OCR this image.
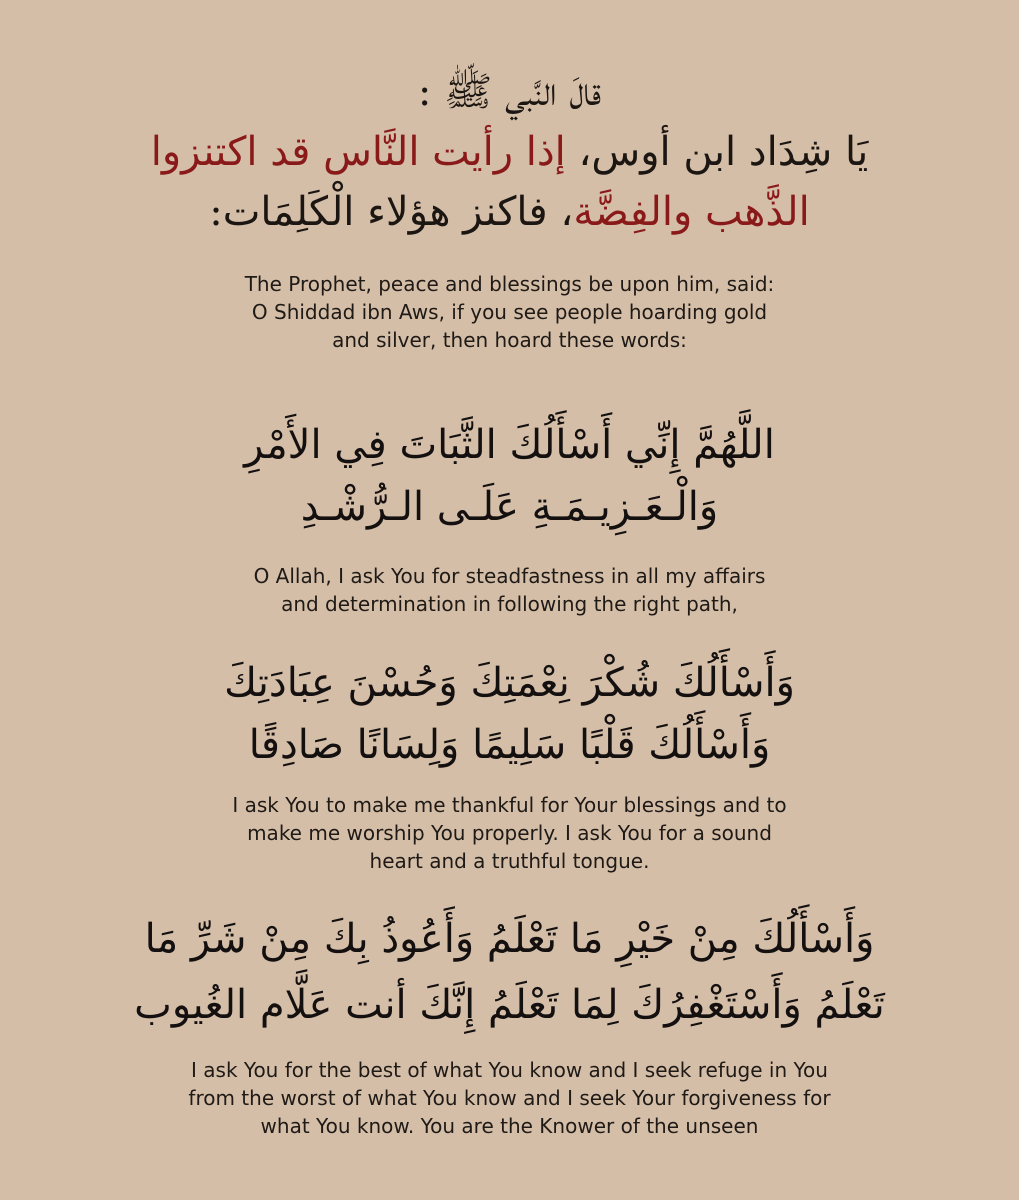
قالَ النَّبي ﷺ :
يَا شِدَاد ابن أوس، إذا رأيت النَّاس قد اكتنزوا
الذَّهب والفِضَّة، فاكنز هؤلاء الْكَلِمَات:
The Prophet, peace and blessings be upon him, said:
O Shiddad ibn Aws, if you see people hoarding gold
and silver, then hoard these words:
اللَّهُمَّ إِنِّي أَسْأَلُكَ الثَّبَاتَ فِي الأَمْرِ
وَالْـعَـزِيـمَـةِ عَلَـى الـرُّشْـدِ
O Allah, I ask You for steadfastness in all my affairs
and determination in following the right path,
وَأَسْأَلُكَ شُكْرَ نِعْمَتِكَ وَحُسْنَ عِبَادَتِكَ
وَأَسْأَلُكَ قَلْبًا سَلِيمًا وَلِسَانًا صَادِقًا
I ask You to make me thankful for Your blessings and to
make me worship You properly. I ask You for a sound
heart and a truthful tongue.
وَأَسْأَلُكَ مِنْ خَيْرِ مَا تَعْلَمُ وَأَعُوذُ بِكَ مِنْ شَرِّ مَا
تَعْلَمُ وَأَسْتَغْفِرُكَ لِمَا تَعْلَمُ إِنَّكَ أنت عَلَّام الغُيوب
I ask You for the best of what You know and I seek refuge in You
from the worst of what You know and I seek Your forgiveness for
what You know. You are the Knower of the unseen
